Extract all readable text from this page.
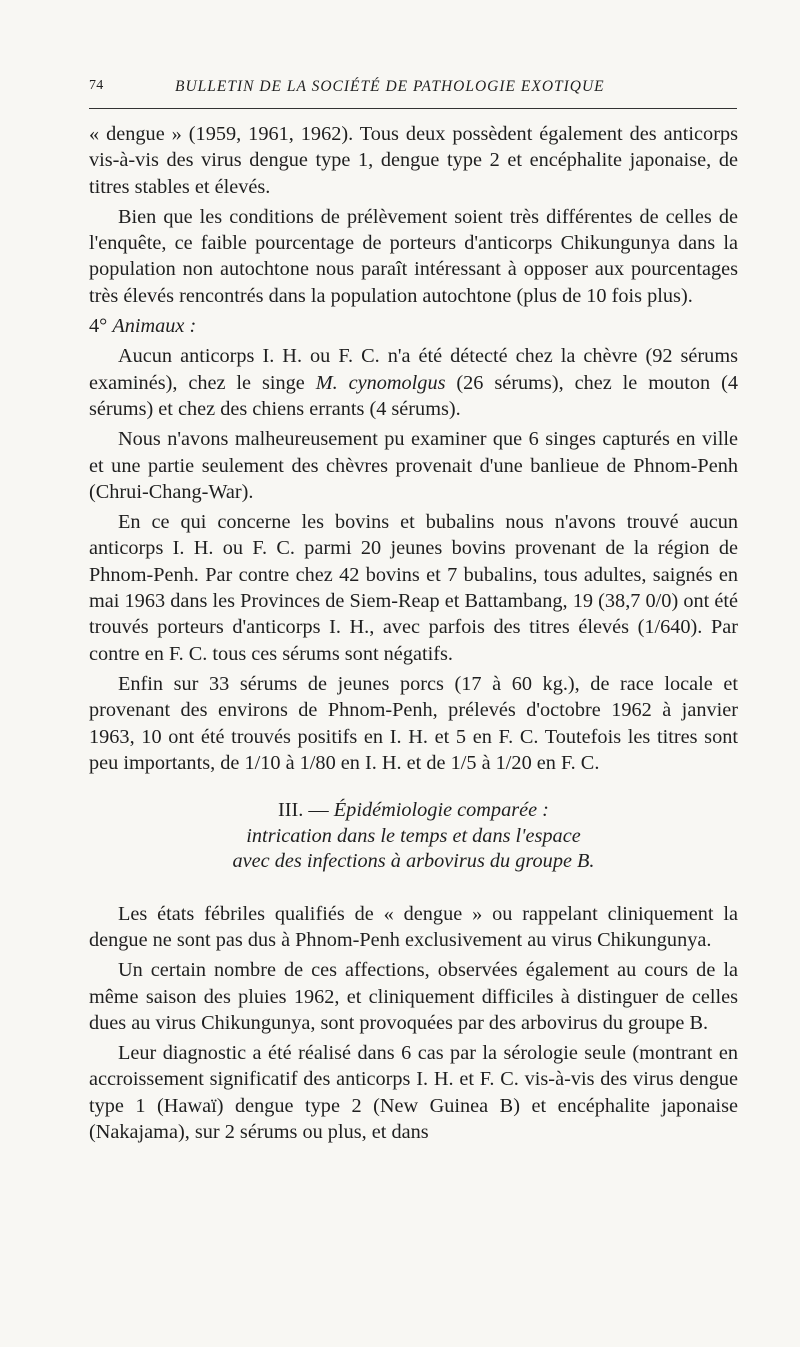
74	BULLETIN DE LA SOCIÉTÉ DE PATHOLOGIE EXOTIQUE

« dengue » (1959, 1961, 1962). Tous deux possèdent également des anticorps vis-à-vis des virus dengue type 1, dengue type 2 et encéphalite japonaise, de titres stables et élevés.

Bien que les conditions de prélèvement soient très différentes de celles de l'enquête, ce faible pourcentage de porteurs d'anticorps Chikungunya dans la population non autochtone nous paraît intéressant à opposer aux pourcentages très élevés rencontrés dans la population autochtone (plus de 10 fois plus).

4° Animaux :

Aucun anticorps I. H. ou F. C. n'a été détecté chez la chèvre (92 sérums examinés), chez le singe M. cynomolgus (26 sérums), chez le mouton (4 sérums) et chez des chiens errants (4 sérums).

Nous n'avons malheureusement pu examiner que 6 singes capturés en ville et une partie seulement des chèvres provenait d'une banlieue de Phnom-Penh (Chrui-Chang-War).

En ce qui concerne les bovins et bubalins nous n'avons trouvé aucun anticorps I. H. ou F. C. parmi 20 jeunes bovins provenant de la région de Phnom-Penh. Par contre chez 42 bovins et 7 bubalins, tous adultes, saignés en mai 1963 dans les Provinces de Siem-Reap et Battambang, 19 (38,7 0/0) ont été trouvés porteurs d'anticorps I. H., avec parfois des titres élevés (1/640). Par contre en F. C. tous ces sérums sont négatifs.

Enfin sur 33 sérums de jeunes porcs (17 à 60 kg.), de race locale et provenant des environs de Phnom-Penh, prélevés d'octobre 1962 à janvier 1963, 10 ont été trouvés positifs en I. H. et 5 en F. C. Toutefois les titres sont peu importants, de 1/10 à 1/80 en I. H. et de 1/5 à 1/20 en F. C.

III. — Épidémiologie comparée :
intrication dans le temps et dans l'espace
avec des infections à arbovirus du groupe B.

Les états fébriles qualifiés de « dengue » ou rappelant cliniquement la dengue ne sont pas dus à Phnom-Penh exclusivement au virus Chikungunya.

Un certain nombre de ces affections, observées également au cours de la même saison des pluies 1962, et cliniquement difficiles à distinguer de celles dues au virus Chikungunya, sont provoquées par des arbovirus du groupe B.

Leur diagnostic a été réalisé dans 6 cas par la sérologie seule (montrant en accroissement significatif des anticorps I. H. et F. C. vis-à-vis des virus dengue type 1 (Hawaï) dengue type 2 (New Guinea B) et encéphalite japonaise (Nakajama), sur 2 sérums ou plus, et dans
